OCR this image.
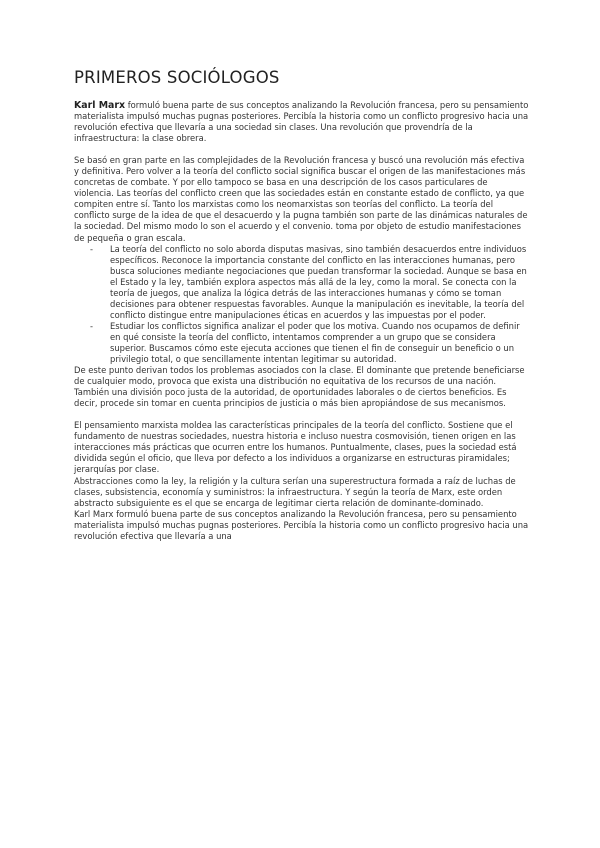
PRIMEROS SOCIÓLOGOS

Karl Marx formuló buena parte de sus conceptos analizando la Revolución francesa, pero su pensamiento materialista impulsó muchas pugnas posteriores. Percibía la historia como un conflicto progresivo hacia una revolución efectiva que llevaría a una sociedad sin clases. Una revolución que provendría de la infraestructura: la clase obrera.

Se basó en gran parte en las complejidades de la Revolución francesa y buscó una revolución más efectiva y definitiva. Pero volver a la teoría del conflicto social significa buscar el origen de las manifestaciones más concretas de combate. Y por ello tampoco se basa en una descripción de los casos particulares de violencia. Las teorías del conflicto creen que las sociedades están en constante estado de conflicto, ya que compiten entre sí. Tanto los marxistas como los neomarxistas son teorías del conflicto. La teoría del conflicto surge de la idea de que el desacuerdo y la pugna también son parte de las dinámicas naturales de la sociedad. Del mismo modo lo son el acuerdo y el convenio. toma por objeto de estudio manifestaciones de pequeña o gran escala.

- La teoría del conflicto no solo aborda disputas masivas, sino también desacuerdos entre individuos específicos. Reconoce la importancia constante del conflicto en las interacciones humanas, pero busca soluciones mediante negociaciones que puedan transformar la sociedad. Aunque se basa en el Estado y la ley, también explora aspectos más allá de la ley, como la moral. Se conecta con la teoría de juegos, que analiza la lógica detrás de las interacciones humanas y cómo se toman decisiones para obtener respuestas favorables. Aunque la manipulación es inevitable, la teoría del conflicto distingue entre manipulaciones éticas en acuerdos y las impuestas por el poder.
- Estudiar los conflictos significa analizar el poder que los motiva. Cuando nos ocupamos de definir en qué consiste la teoría del conflicto, intentamos comprender a un grupo que se considera superior. Buscamos cómo este ejecuta acciones que tienen el fin de conseguir un beneficio o un privilegio total, o que sencillamente intentan legitimar su autoridad.

De este punto derivan todos los problemas asociados con la clase. El dominante que pretende beneficiarse de cualquier modo, provoca que exista una distribución no equitativa de los recursos de una nación. También una división poco justa de la autoridad, de oportunidades laborales o de ciertos beneficios. Es decir, procede sin tomar en cuenta principios de justicia o más bien apropiándose de sus mecanismos.

El pensamiento marxista moldea las características principales de la teoría del conflicto. Sostiene que el fundamento de nuestras sociedades, nuestra historia e incluso nuestra cosmovisión, tienen origen en las interacciones más prácticas que ocurren entre los humanos. Puntualmente, clases, pues la sociedad está dividida según el oficio, que lleva por defecto a los individuos a organizarse en estructuras piramidales; jerarquías por clase.

Abstracciones como la ley, la religión y la cultura serían una superestructura formada a raíz de luchas de clases, subsistencia, economía y suministros: la infraestructura. Y según la teoría de Marx, este orden abstracto subsiguiente es el que se encarga de legitimar cierta relación de dominante-dominado.

Karl Marx formuló buena parte de sus conceptos analizando la Revolución francesa, pero su pensamiento materialista impulsó muchas pugnas posteriores. Percibía la historia como un conflicto progresivo hacia una revolución efectiva que llevaría a una
